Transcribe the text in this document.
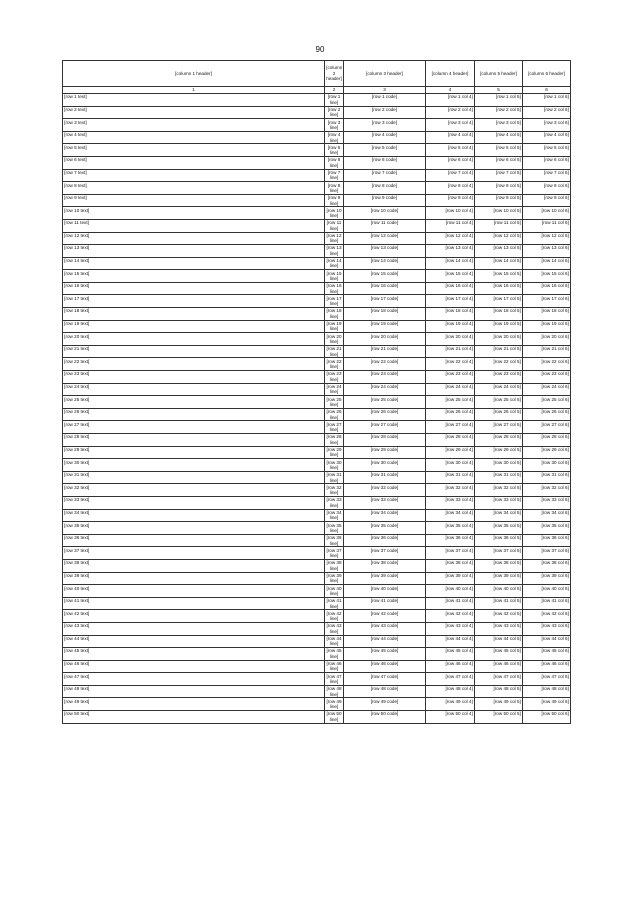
90
[column 1 header]	[column 2 header]	[column 3 header]	[column 4 header]	[column 5 header]	[column 6 header]
1	2	3	4	5	6
[row 1 text]	[row 1 line]	[row 1 code]	[row 1 col 4]	[row 1 col 5]	[row 1 col 6]
[row 2 text]	[row 2 line]	[row 2 code]	[row 2 col 4]	[row 2 col 5]	[row 2 col 6]
[row 3 text]	[row 3 line]	[row 3 code]	[row 3 col 4]	[row 3 col 5]	[row 3 col 6]
[row 4 text]	[row 4 line]	[row 4 code]	[row 4 col 4]	[row 4 col 5]	[row 4 col 6]
[row 5 text]	[row 5 line]	[row 5 code]	[row 5 col 4]	[row 5 col 5]	[row 5 col 6]
[row 6 text]	[row 6 line]	[row 6 code]	[row 6 col 4]	[row 6 col 5]	[row 6 col 6]
[row 7 text]	[row 7 line]	[row 7 code]	[row 7 col 4]	[row 7 col 5]	[row 7 col 6]
[row 8 text]	[row 8 line]	[row 8 code]	[row 8 col 4]	[row 8 col 5]	[row 8 col 6]
[row 9 text]	[row 9 line]	[row 9 code]	[row 9 col 4]	[row 9 col 5]	[row 9 col 6]
[row 10 text]	[row 10 line]	[row 10 code]	[row 10 col 4]	[row 10 col 5]	[row 10 col 6]
[row 11 text]	[row 11 line]	[row 11 code]	[row 11 col 4]	[row 11 col 5]	[row 11 col 6]
[row 12 text]	[row 12 line]	[row 12 code]	[row 12 col 4]	[row 12 col 5]	[row 12 col 6]
[row 13 text]	[row 13 line]	[row 13 code]	[row 13 col 4]	[row 13 col 5]	[row 13 col 6]
[row 14 text]	[row 14 line]	[row 14 code]	[row 14 col 4]	[row 14 col 5]	[row 14 col 6]
[row 15 text]	[row 15 line]	[row 15 code]	[row 15 col 4]	[row 15 col 5]	[row 15 col 6]
[row 16 text]	[row 16 line]	[row 16 code]	[row 16 col 4]	[row 16 col 5]	[row 16 col 6]
[row 17 text]	[row 17 line]	[row 17 code]	[row 17 col 4]	[row 17 col 5]	[row 17 col 6]
[row 18 text]	[row 18 line]	[row 18 code]	[row 18 col 4]	[row 18 col 5]	[row 18 col 6]
[row 19 text]	[row 19 line]	[row 19 code]	[row 19 col 4]	[row 19 col 5]	[row 19 col 6]
[row 20 text]	[row 20 line]	[row 20 code]	[row 20 col 4]	[row 20 col 5]	[row 20 col 6]
[row 21 text]	[row 21 line]	[row 21 code]	[row 21 col 4]	[row 21 col 5]	[row 21 col 6]
[row 22 text]	[row 22 line]	[row 22 code]	[row 22 col 4]	[row 22 col 5]	[row 22 col 6]
[row 23 text]	[row 23 line]	[row 23 code]	[row 23 col 4]	[row 23 col 5]	[row 23 col 6]
[row 24 text]	[row 24 line]	[row 24 code]	[row 24 col 4]	[row 24 col 5]	[row 24 col 6]
[row 25 text]	[row 25 line]	[row 25 code]	[row 25 col 4]	[row 25 col 5]	[row 25 col 6]
[row 26 text]	[row 26 line]	[row 26 code]	[row 26 col 4]	[row 26 col 5]	[row 26 col 6]
[row 27 text]	[row 27 line]	[row 27 code]	[row 27 col 4]	[row 27 col 5]	[row 27 col 6]
[row 28 text]	[row 28 line]	[row 28 code]	[row 28 col 4]	[row 28 col 5]	[row 28 col 6]
[row 29 text]	[row 29 line]	[row 29 code]	[row 29 col 4]	[row 29 col 5]	[row 29 col 6]
[row 30 text]	[row 30 line]	[row 30 code]	[row 30 col 4]	[row 30 col 5]	[row 30 col 6]
[row 31 text]	[row 31 line]	[row 31 code]	[row 31 col 4]	[row 31 col 5]	[row 31 col 6]
[row 32 text]	[row 32 line]	[row 32 code]	[row 32 col 4]	[row 32 col 5]	[row 32 col 6]
[row 33 text]	[row 33 line]	[row 33 code]	[row 33 col 4]	[row 33 col 5]	[row 33 col 6]
[row 34 text]	[row 34 line]	[row 34 code]	[row 34 col 4]	[row 34 col 5]	[row 34 col 6]
[row 35 text]	[row 35 line]	[row 35 code]	[row 35 col 4]	[row 35 col 5]	[row 35 col 6]
[row 36 text]	[row 36 line]	[row 36 code]	[row 36 col 4]	[row 36 col 5]	[row 36 col 6]
[row 37 text]	[row 37 line]	[row 37 code]	[row 37 col 4]	[row 37 col 5]	[row 37 col 6]
[row 38 text]	[row 38 line]	[row 38 code]	[row 38 col 4]	[row 38 col 5]	[row 38 col 6]
[row 39 text]	[row 39 line]	[row 39 code]	[row 39 col 4]	[row 39 col 5]	[row 39 col 6]
[row 40 text]	[row 40 line]	[row 40 code]	[row 40 col 4]	[row 40 col 5]	[row 40 col 6]
[row 41 text]	[row 41 line]	[row 41 code]	[row 41 col 4]	[row 41 col 5]	[row 41 col 6]
[row 42 text]	[row 42 line]	[row 42 code]	[row 42 col 4]	[row 42 col 5]	[row 42 col 6]
[row 43 text]	[row 43 line]	[row 43 code]	[row 43 col 4]	[row 43 col 5]	[row 43 col 6]
[row 44 text]	[row 44 line]	[row 44 code]	[row 44 col 4]	[row 44 col 5]	[row 44 col 6]
[row 45 text]	[row 45 line]	[row 45 code]	[row 45 col 4]	[row 45 col 5]	[row 45 col 6]
[row 46 text]	[row 46 line]	[row 46 code]	[row 46 col 4]	[row 46 col 5]	[row 46 col 6]
[row 47 text]	[row 47 line]	[row 47 code]	[row 47 col 4]	[row 47 col 5]	[row 47 col 6]
[row 48 text]	[row 48 line]	[row 48 code]	[row 48 col 4]	[row 48 col 5]	[row 48 col 6]
[row 49 text]	[row 49 line]	[row 49 code]	[row 49 col 4]	[row 49 col 5]	[row 49 col 6]
[row 50 text]	[row 50 line]	[row 50 code]	[row 50 col 4]	[row 50 col 5]	[row 50 col 6]
